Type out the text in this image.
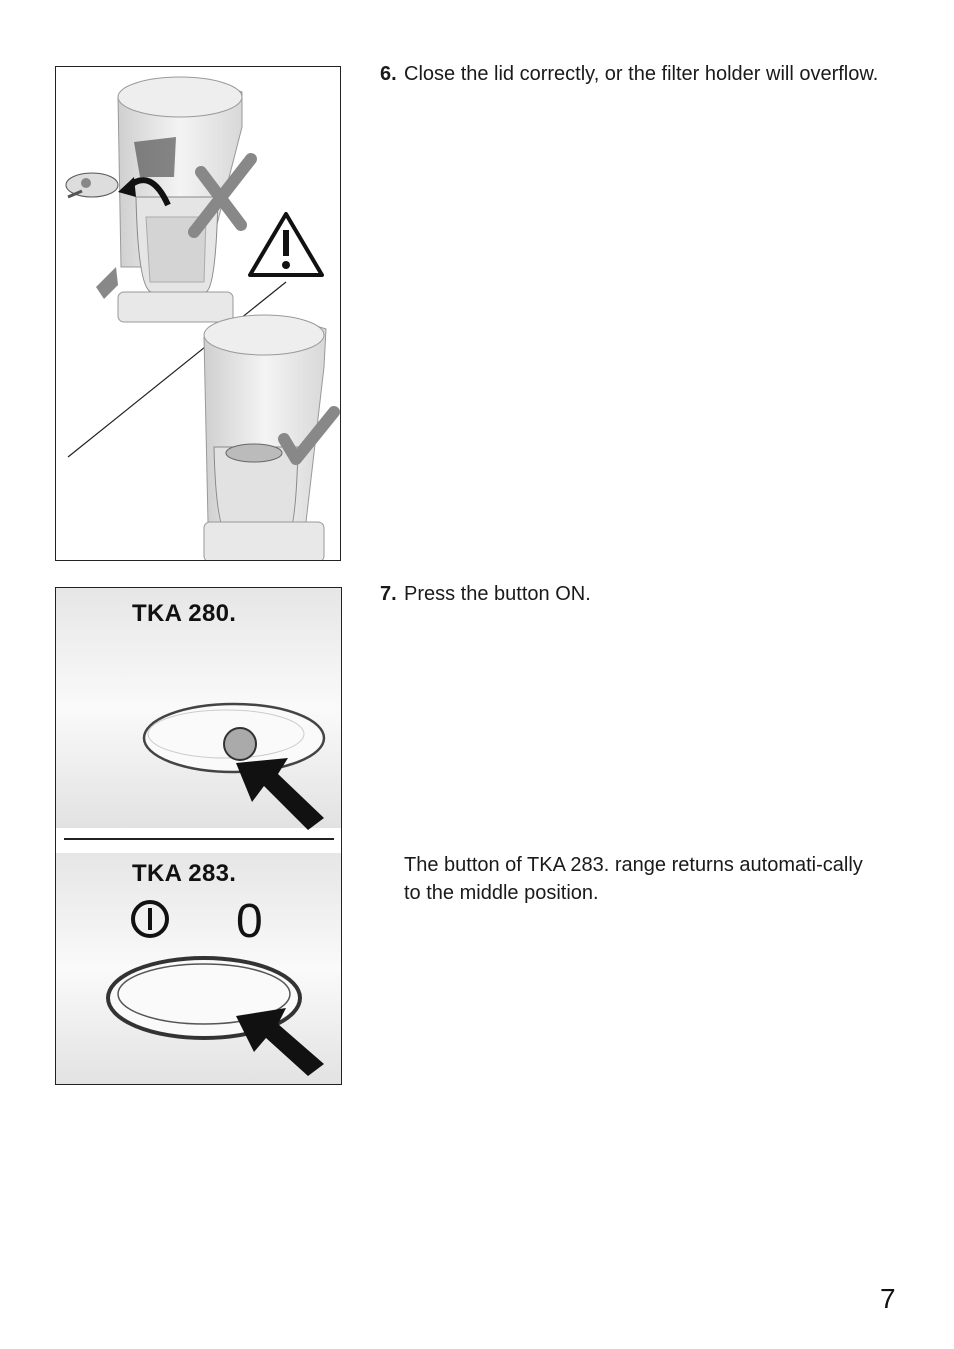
6. Close the lid correctly, or the filter holder will overflow.
TKA 280.
TKA 283.
0
7. Press the button ON.
The button of TKA 283. range returns automati-cally to the middle position.
7
